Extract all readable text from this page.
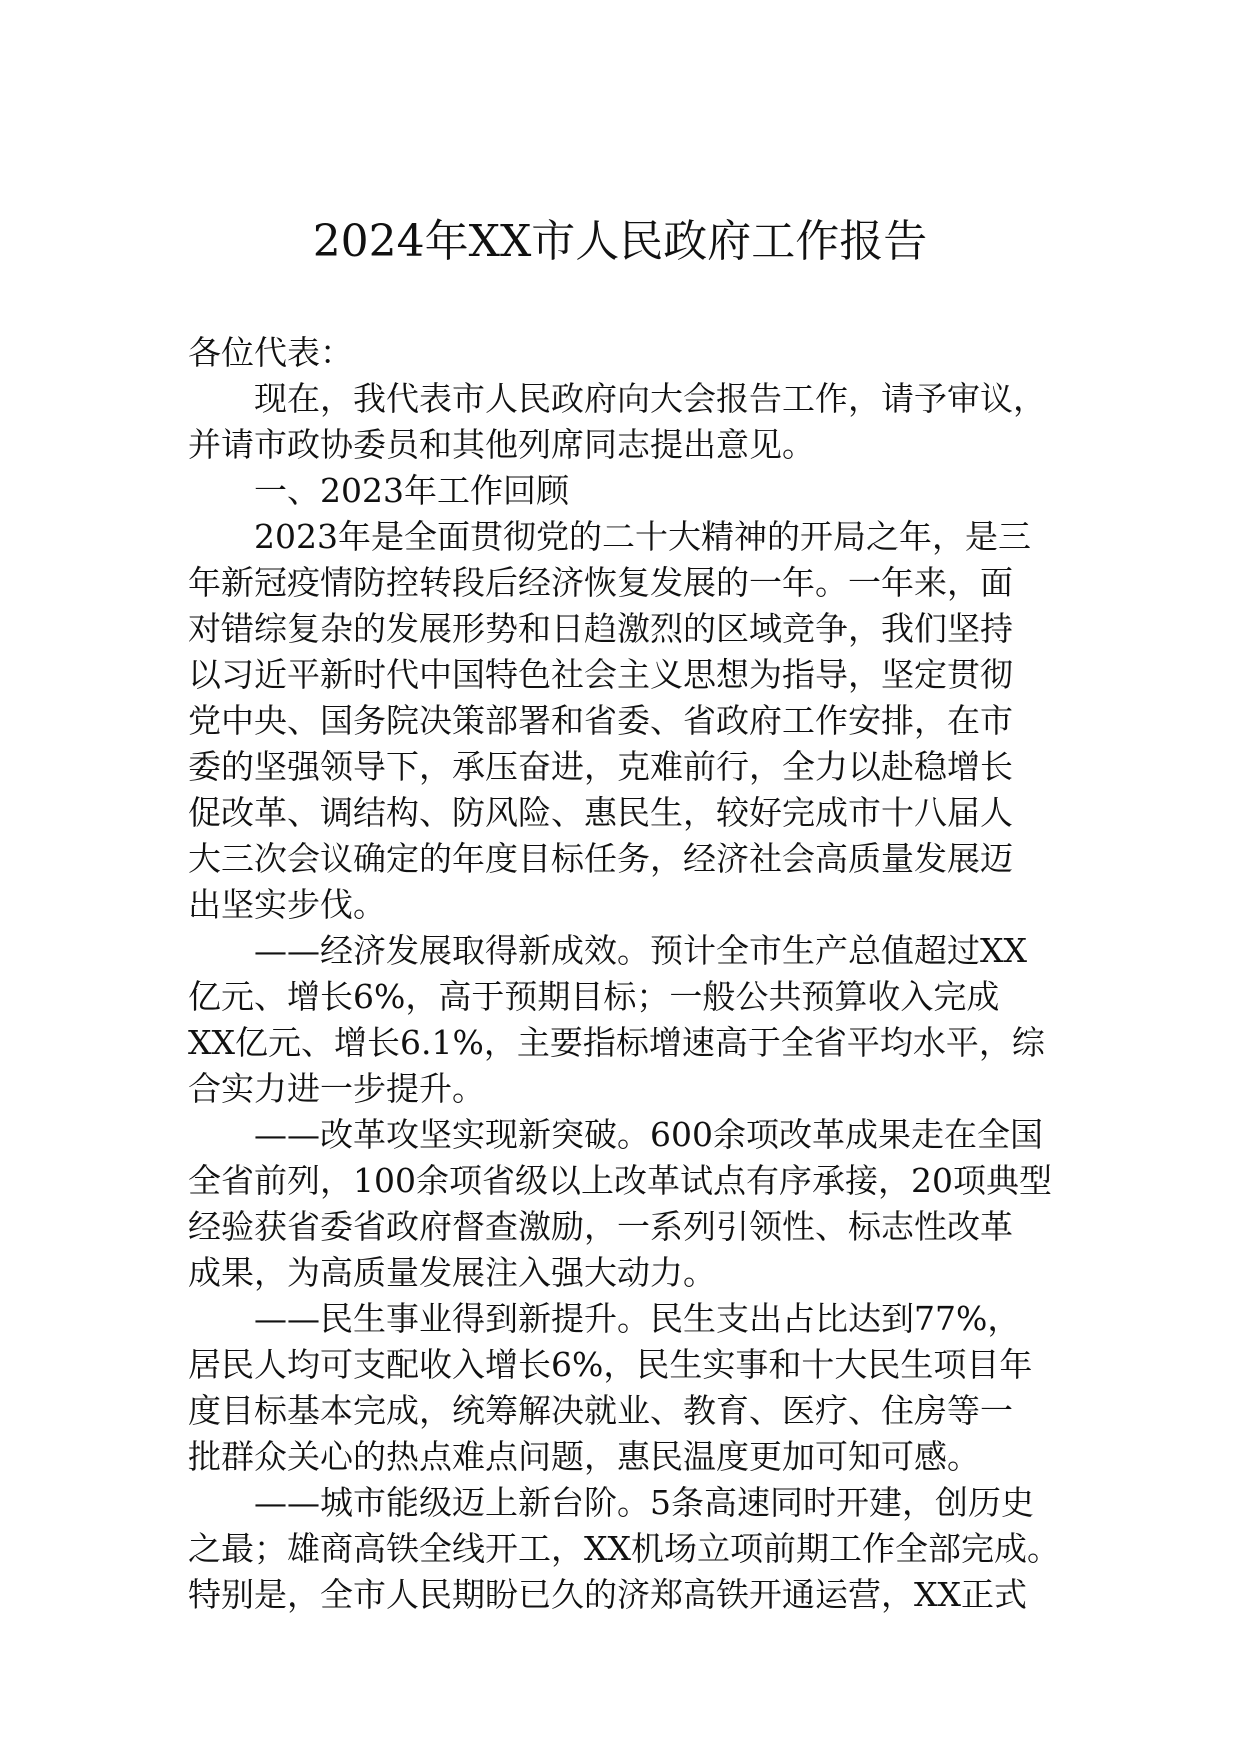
2024年XX市人民政府工作报告
各位代表：
现在，我代表市人民政府向大会报告工作，请予审议，
并请市政协委员和其他列席同志提出意见。
一、2023年工作回顾
2023年是全面贯彻党的二十大精神的开局之年，是三
年新冠疫情防控转段后经济恢复发展的一年。一年来，面
对错综复杂的发展形势和日趋激烈的区域竞争，我们坚持
以习近平新时代中国特色社会主义思想为指导，坚定贯彻
党中央、国务院决策部署和省委、省政府工作安排，在市
委的坚强领导下，承压奋进，克难前行，全力以赴稳增长
促改革、调结构、防风险、惠民生，较好完成市十八届人
大三次会议确定的年度目标任务，经济社会高质量发展迈
出坚实步伐。
——经济发展取得新成效。预计全市生产总值超过XX
亿元、增长6%，高于预期目标；一般公共预算收入完成
XX亿元、增长6.1%，主要指标增速高于全省平均水平，综
合实力进一步提升。
——改革攻坚实现新突破。600余项改革成果走在全国
全省前列，100余项省级以上改革试点有序承接，20项典型
经验获省委省政府督查激励，一系列引领性、标志性改革
成果，为高质量发展注入强大动力。
——民生事业得到新提升。民生支出占比达到77%，
居民人均可支配收入增长6%，民生实事和十大民生项目年
度目标基本完成，统筹解决就业、教育、医疗、住房等一
批群众关心的热点难点问题，惠民温度更加可知可感。
——城市能级迈上新台阶。5条高速同时开建，创历史
之最；雄商高铁全线开工，XX机场立项前期工作全部完成。
特别是，全市人民期盼已久的济郑高铁开通运营，XX正式
